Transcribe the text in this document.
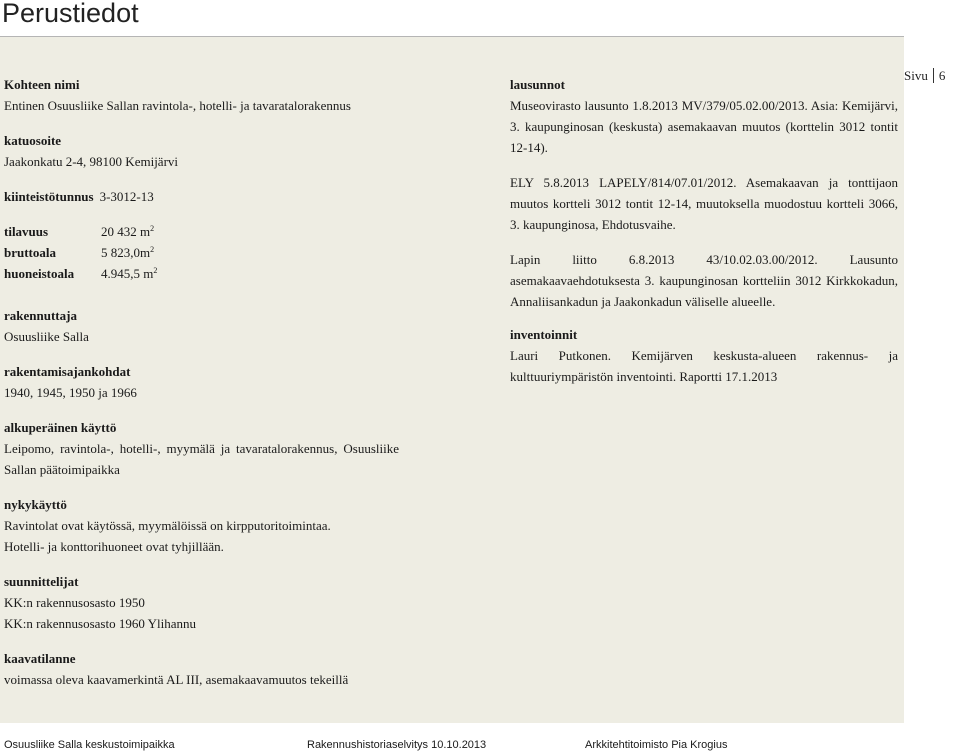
Perustiedot
Sivu 6
Kohteen nimi
Entinen Osuusliike Sallan ravintola-, hotelli- ja tavaratalorakennus
katuosoite
Jaakonkatu 2-4, 98100 Kemijärvi
kiinteistötunnus 3-3012-13
tilavuus	20 432 $m^2$
bruttoala	5 $823,0m^2$
huoneistoala	4.945,5 $m^2$
rakennuttaja
Osuusliike Salla
rakentamisajankohdat
1940, 1945, 1950 ja 1966
alkuperäinen käyttö
Leipomo, ravintola-, hotelli-, myymälä ja tavaratalorakennus, Osuusliike Sallan päätoimipaikka
nykykäyttö
Ravintolat ovat käytössä, myymälöissä on kirpputoritoimintaa.
Hotelli- ja konttorihuoneet ovat tyhjillään.
suunnittelijat
KK:n rakennusosasto 1950
KK:n rakennusosasto 1960 Ylihannu
kaavatilanne
voimassa oleva kaavamerkintä AL III, asemakaavamuutos tekeillä
lausunnot
Museovirasto lausunto 1.8.2013 MV/379/05.02.00/2013. Asia: Kemijärvi, 3. kaupunginosan (keskusta) asemakaavan muutos (korttelin 3012 tontit 12-14).
ELY 5.8.2013 LAPELY/814/07.01/2012. Asemakaavan ja tonttijaon muutos kortteli 3012 tontit 12-14, muutoksella muodostuu kortteli 3066, 3. kaupunginosa, Ehdotusvaihe.
Lapin liitto 6.8.2013 43/10.02.03.00/2012. Lausunto asemakaavaehdotuksesta 3. kaupunginosan kortteliin 3012 Kirkkokadun, Annaliisankadun ja Jaakonkadun väliselle alueelle.
inventoinnit
Lauri Putkonen. Kemijärven keskusta-alueen rakennus- ja kulttuuriympäristön inventointi. Raportti 17.1.2013
Osuusliike Salla keskustoimipaikka	Rakennushistoriaselvitys 10.10.2013	Arkkitehtitoimisto Pia Krogius
